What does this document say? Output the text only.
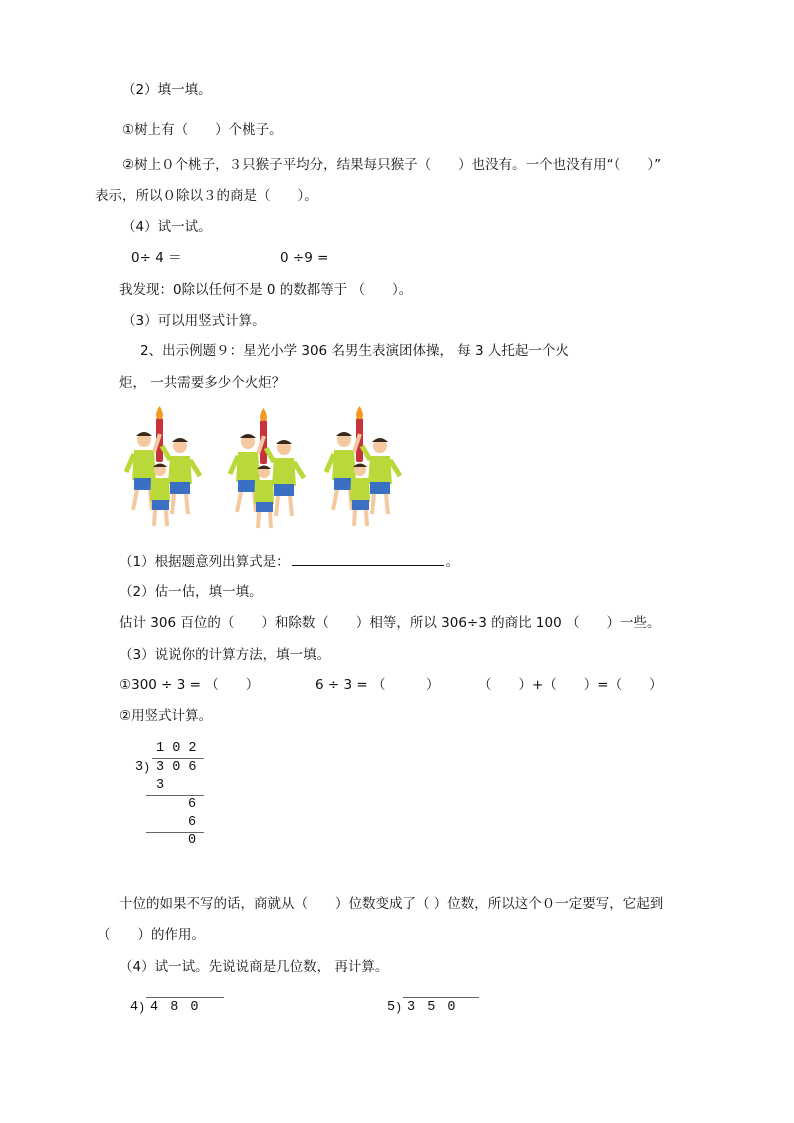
（2）填一填。
①树上有（　　）个桃子。
②树上０个桃子，３只猴子平均分，结果每只猴子（　　）也没有。一个也没有用“（　　）”
表示，所以０除以３的商是（　　）。
（4）试一试。
0÷ 4 ＝	0 ÷9 =
我发现：0除以任何不是 0 的数都等于 （　　）。
（3）可以用竖式计算。
2、出示例题９：星光小学 306 名男生表演团体操， 每 3 人托起一个火
炬， 一共需要多少个火炬？
（1）根据题意列出算式是：	。
（2）估一估，填一填。
估计 306 百位的（　　）和除数（　　）相等，所以 306÷3 的商比 100 （　　）一些。
（3）说说你的计算方法，填一填。
①300 ÷ 3 = （　　）	6 ÷ 3 = （　　　）	（　　）+（　　）=（　　）
②用竖式计算。
1 0 2
3 ) 3 0 6
3
6
6
0
十位的如果不写的话，商就从（　　）位数变成了（ ）位数，所以这个０一定要写，它起到
（　　）的作用。
（4）试一试。先说说商是几位数， 再计算。
4 ) 4 8 0	5 ) 3 5 0
